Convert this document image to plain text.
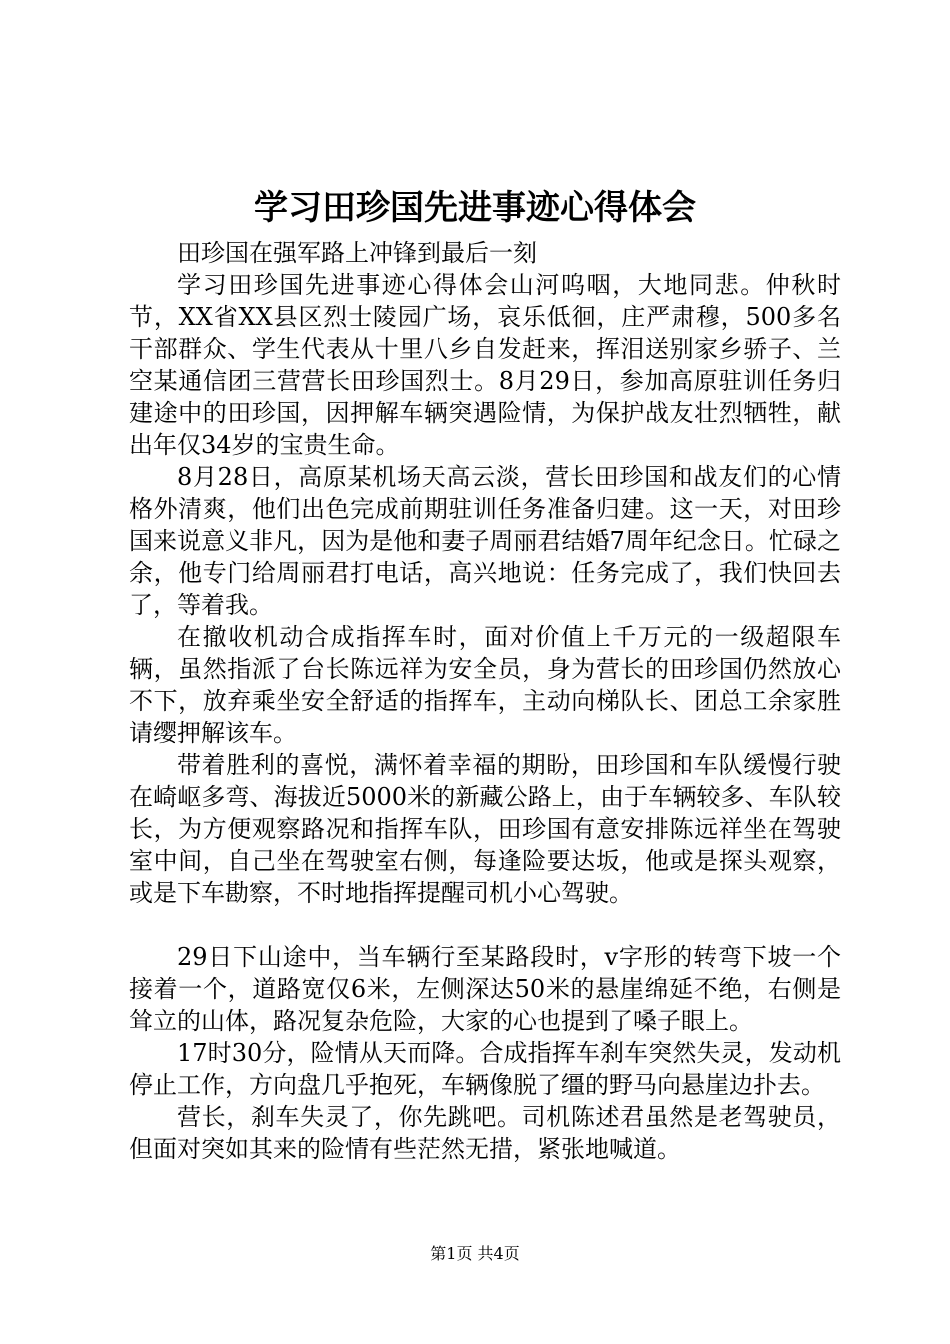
学习田珍国先进事迹心得体会

田珍国在强军路上冲锋到最后一刻

学习田珍国先进事迹心得体会山河呜咽，大地同悲。仲秋时节，XX省XX县区烈士陵园广场，哀乐低徊，庄严肃穆，500多名干部群众、学生代表从十里八乡自发赶来，挥泪送别家乡骄子、兰空某通信团三营营长田珍国烈士。8月29日，参加高原驻训任务归建途中的田珍国，因押解车辆突遇险情，为保护战友壮烈牺牲，献出年仅34岁的宝贵生命。

8月28日，高原某机场天高云淡，营长田珍国和战友们的心情格外清爽，他们出色完成前期驻训任务准备归建。这一天，对田珍国来说意义非凡，因为是他和妻子周丽君结婚7周年纪念日。忙碌之余，他专门给周丽君打电话，高兴地说：任务完成了，我们快回去了，等着我。

在撤收机动合成指挥车时，面对价值上千万元的一级超限车辆，虽然指派了台长陈远祥为安全员，身为营长的田珍国仍然放心不下，放弃乘坐安全舒适的指挥车，主动向梯队长、团总工余家胜请缨押解该车。

带着胜利的喜悦，满怀着幸福的期盼，田珍国和车队缓慢行驶在崎岖多弯、海拔近5000米的新藏公路上，由于车辆较多、车队较长，为方便观察路况和指挥车队，田珍国有意安排陈远祥坐在驾驶室中间，自己坐在驾驶室右侧，每逢险要达坂，他或是探头观察，或是下车勘察，不时地指挥提醒司机小心驾驶。

29日下山途中，当车辆行至某路段时，v字形的转弯下坡一个接着一个，道路宽仅6米，左侧深达50米的悬崖绵延不绝，右侧是耸立的山体，路况复杂危险，大家的心也提到了嗓子眼上。

17时30分，险情从天而降。合成指挥车刹车突然失灵，发动机停止工作，方向盘几乎抱死，车辆像脱了缰的野马向悬崖边扑去。

营长，刹车失灵了，你先跳吧。司机陈述君虽然是老驾驶员，但面对突如其来的险情有些茫然无措，紧张地喊道。

第1页 共4页
